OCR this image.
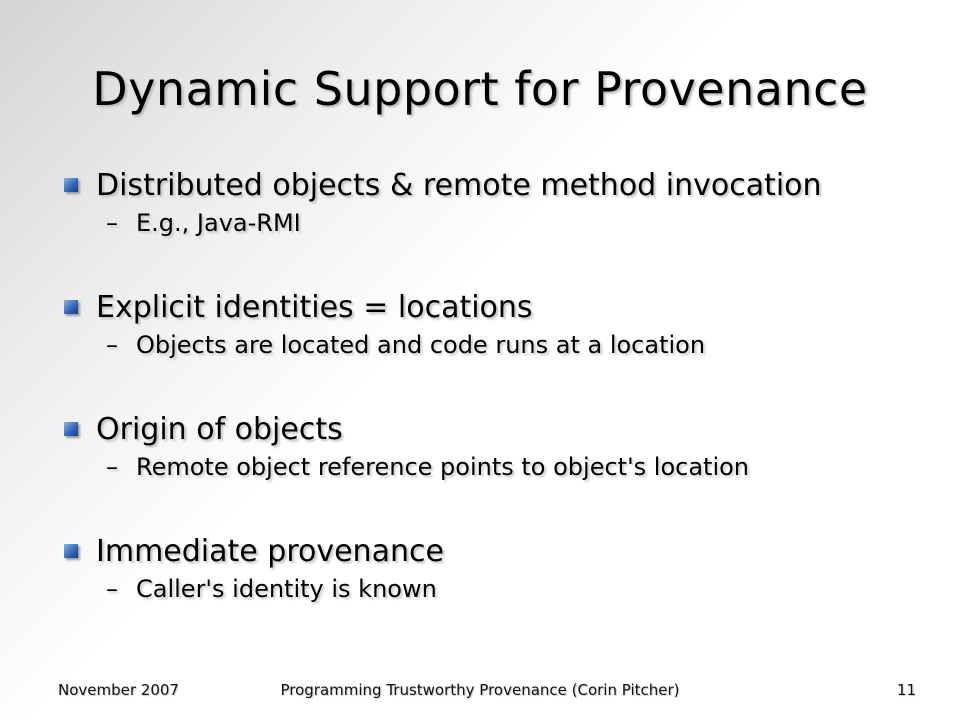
Dynamic Support for Provenance
Distributed objects & remote method invocation
– E.g., Java-RMI
Explicit identities = locations
– Objects are located and code runs at a location
Origin of objects
– Remote object reference points to object's location
Immediate provenance
– Caller's identity is known
November 2007	Programming Trustworthy Provenance (Corin Pitcher)	11
